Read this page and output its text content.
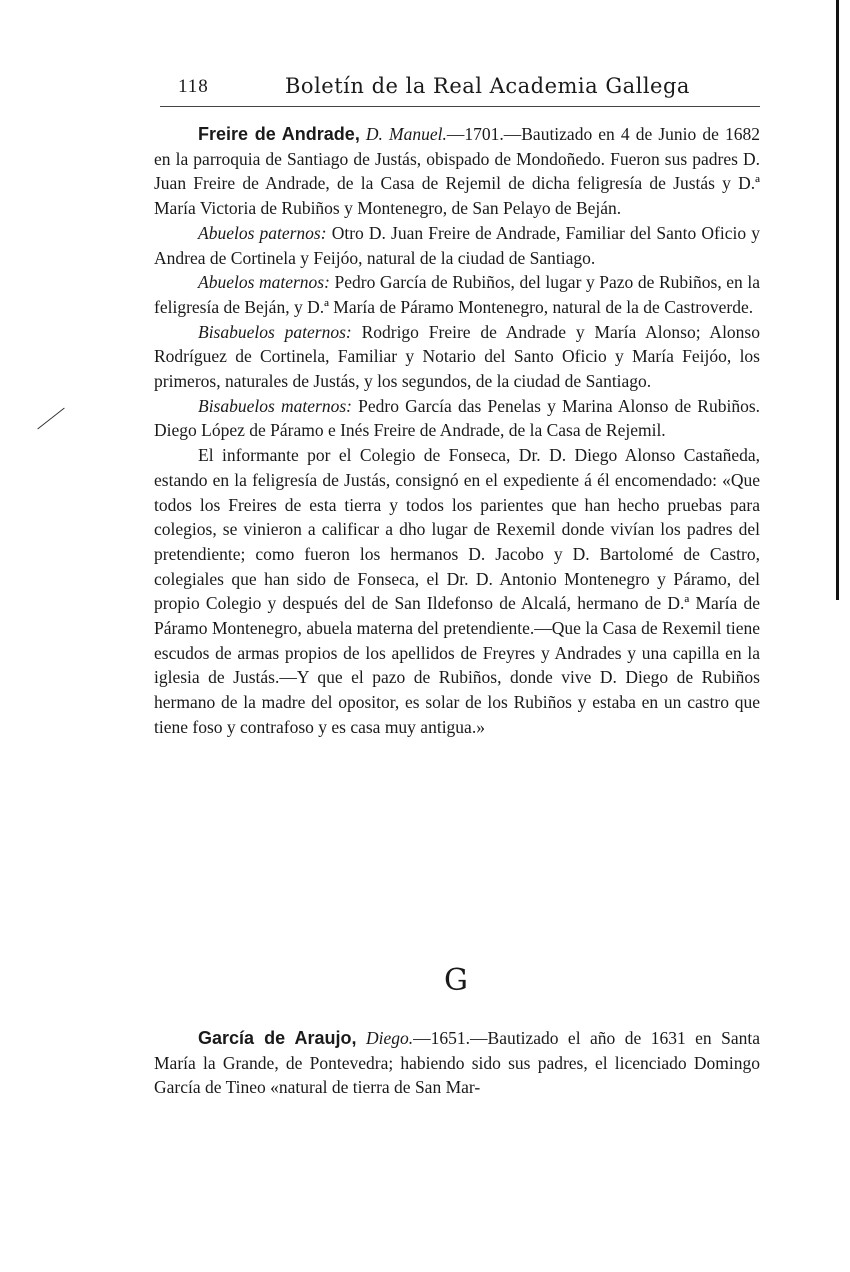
118	Boletín de la Real Academia Gallega

Freire de Andrade, D. Manuel.—1701.—Bautizado en 4 de Junio de 1682 en la parroquia de Santiago de Justás, obispado de Mondoñedo. Fueron sus padres D. Juan Freire de Andrade, de la Casa de Rejemil de dicha feligresía de Justás y D.ª María Victoria de Rubiños y Montenegro, de San Pelayo de Beján.

Abuelos paternos: Otro D. Juan Freire de Andrade, Familiar del Santo Oficio y Andrea de Cortinela y Feijóo, natural de la ciudad de Santiago.

Abuelos maternos: Pedro García de Rubiños, del lugar y Pazo de Rubiños, en la feligresía de Beján, y D.ª María de Páramo Montenegro, natural de la de Castroverde.

Bisabuelos paternos: Rodrigo Freire de Andrade y María Alonso; Alonso Rodríguez de Cortinela, Familiar y Notario del Santo Oficio y María Feijóo, los primeros, naturales de Justás, y los segundos, de la ciudad de Santiago.

Bisabuelos maternos: Pedro García das Penelas y Marina Alonso de Rubiños. Diego López de Páramo e Inés Freire de Andrade, de la Casa de Rejemil.

El informante por el Colegio de Fonseca, Dr. D. Diego Alonso Castañeda, estando en la feligresía de Justás, consignó en el expediente á él encomendado: «Que todos los Freires de esta tierra y todos los parientes que han hecho pruebas para colegios, se vinieron a calificar a dho lugar de Rexemil donde vivían los padres del pretendiente; como fueron los hermanos D. Jacobo y D. Bartolomé de Castro, colegiales que han sido de Fonseca, el Dr. D. Antonio Montenegro y Páramo, del propio Colegio y después del de San Ildefonso de Alcalá, hermano de D.ª María de Páramo Montenegro, abuela materna del pretendiente.—Que la Casa de Rexemil tiene escudos de armas propios de los apellidos de Freyres y Andrades y una capilla en la iglesia de Justás.—Y que el pazo de Rubiños, donde vive D. Diego de Rubiños hermano de la madre del opositor, es solar de los Rubiños y estaba en un castro que tiene foso y contrafoso y es casa muy antigua.»

G

García de Araujo, Diego.—1651.—Bautizado el año de 1631 en Santa María la Grande, de Pontevedra; habiendo sido sus padres, el licenciado Domingo García de Tineo «natural de tierra de San Mar-
